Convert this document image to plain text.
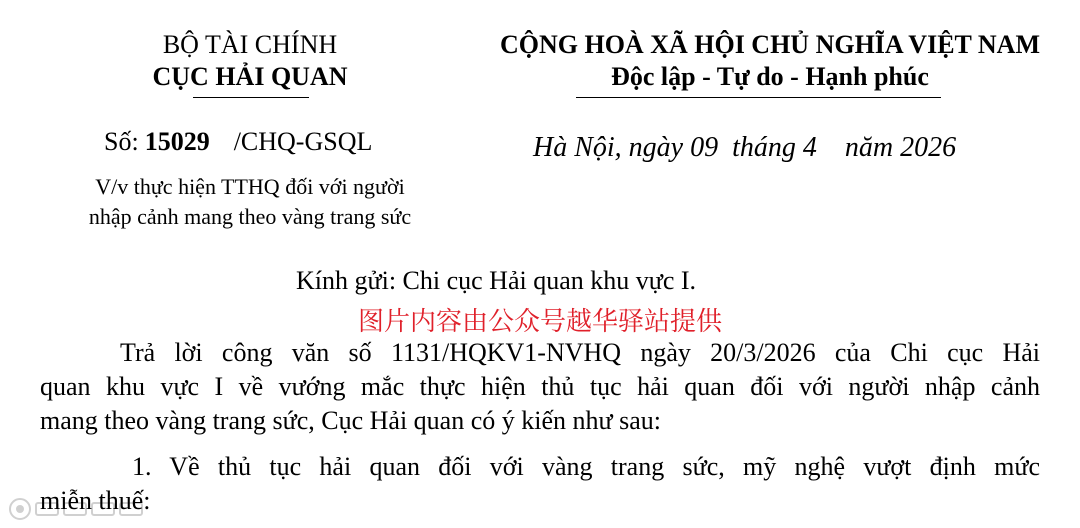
BỘ TÀI CHÍNH
CỤC HẢI QUAN
CỘNG HOÀ XÃ HỘI CHỦ NGHĨA VIỆT NAM
Độc lập - Tự do - Hạnh phúc
Số: 15029 /CHQ-GSQL	Hà Nội, ngày 09 tháng 4 năm 2026
V/v thực hiện TTHQ đối với người
nhập cảnh mang theo vàng trang sức
Kính gửi: Chi cục Hải quan khu vực I.
图片内容由公众号越华驿站提供
Trả lời công văn số 1131/HQKV1-NVHQ ngày 20/3/2026 của Chi cục Hải
quan khu vực I về vướng mắc thực hiện thủ tục hải quan đối với người nhập cảnh
mang theo vàng trang sức, Cục Hải quan có ý kiến như sau:
1. Về thủ tục hải quan đối với vàng trang sức, mỹ nghệ vượt định mức
miễn thuế:
